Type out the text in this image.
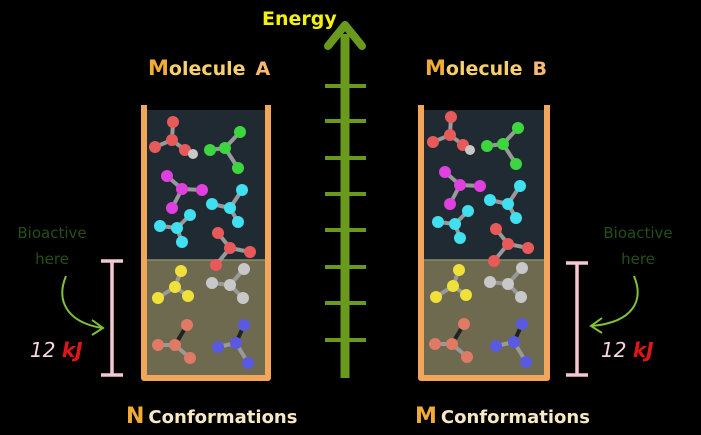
Energy
Molecule A	Molecule B
Bioactive
here
Bioactive
here
12 kJ	12 kJ
N Conformations	M Conformations
